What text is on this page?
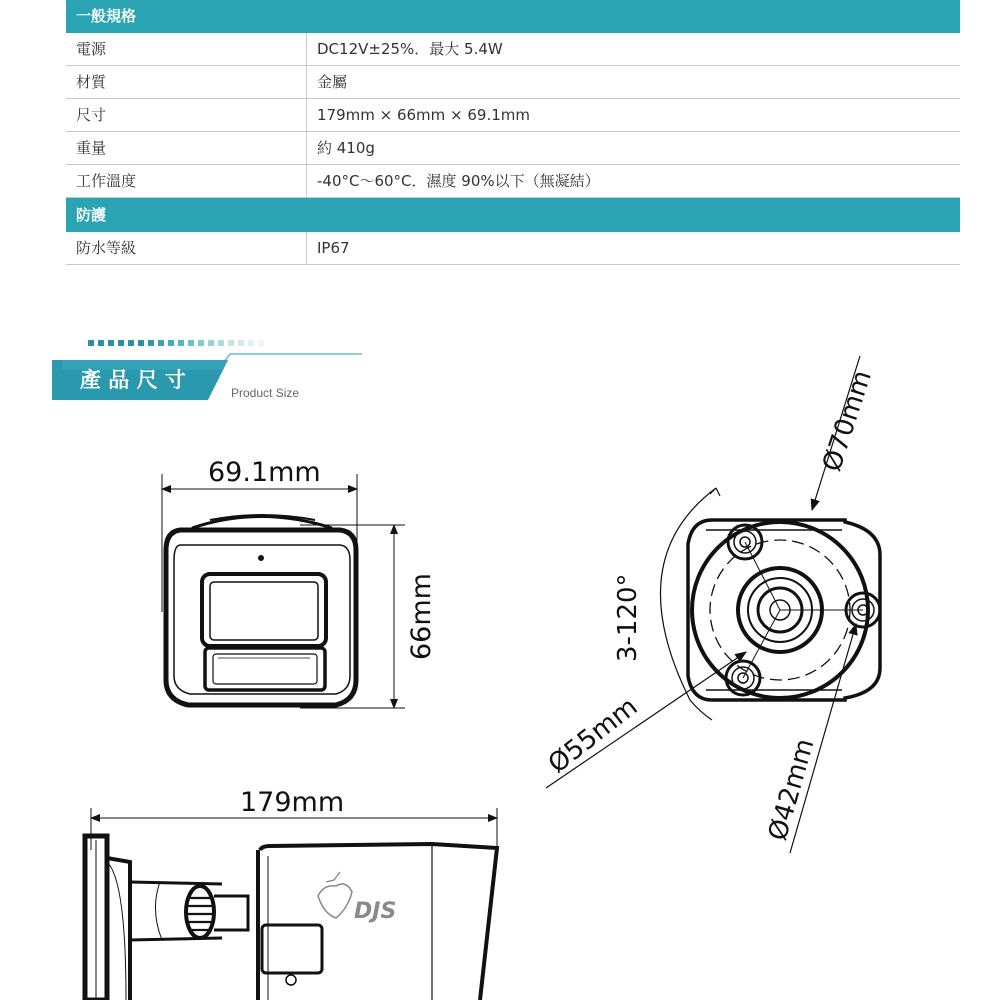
一般規格
電源	DC12V±25%．最大 5.4W
材質	金屬
尺寸	179mm × 66mm × 69.1mm
重量	約 410g
工作溫度	-40°C～60°C．濕度 90%以下（無凝結）
防護
防水等級	IP67
產 品 尺 寸
Product Size
69.1mm
66mm
179mm
DJS
Ø70mm
3-120°
Ø55mm	Ø42mm
